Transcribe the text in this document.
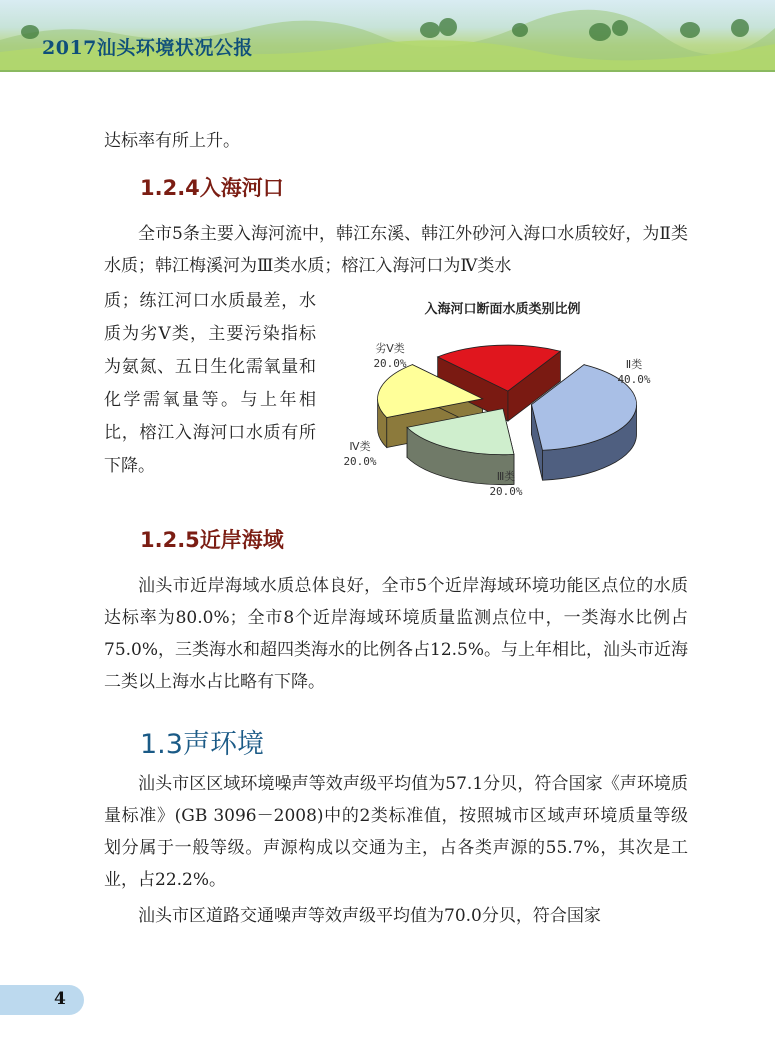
2017汕头环境状况公报

达标率有所上升。

1.2.4入海河口

全市5条主要入海河流中，韩江东溪、韩江外砂河入海口水质较好，为Ⅱ类水质；韩江梅溪河为Ⅲ类水质；榕江入海河口为Ⅳ类水

质；练江河口水质最差，水质为劣Ⅴ类，主要污染指标为氨氮、五日生化需氧量和化学需氧量等。与上年相比，榕江入海河口水质有所下降。
入海河口断面水质类别比例
Ⅱ类
40.0%
Ⅲ类
20.0%
Ⅳ类
20.0%
劣Ⅴ类
20.0%
1.2.5近岸海域

汕头市近岸海域水质总体良好，全市5个近岸海域环境功能区点位的水质达标率为80.0%；全市8个近岸海域环境质量监测点位中，一类海水比例占75.0%，三类海水和超四类海水的比例各占12.5%。与上年相比，汕头市近海二类以上海水占比略有下降。

1.3声环境

汕头市区区域环境噪声等效声级平均值为57.1分贝，符合国家《声环境质量标准》(GB 3096－2008)中的2类标准值，按照城市区域声环境质量等级划分属于一般等级。声源构成以交通为主，占各类声源的55.7%，其次是工业，占22.2%。

汕头市区道路交通噪声等效声级平均值为70.0分贝，符合国家

4
